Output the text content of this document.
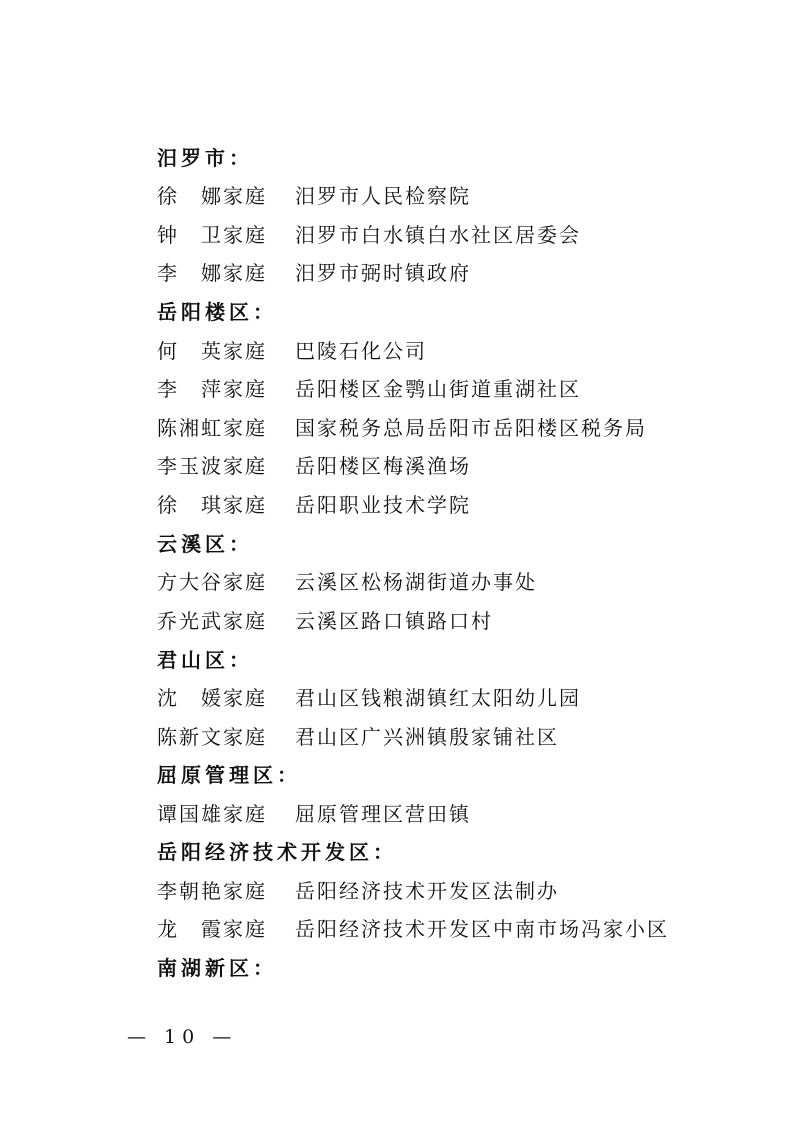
汨罗市：
徐　娜家庭 汨罗市人民检察院
钟　卫家庭 汨罗市白水镇白水社区居委会
李　娜家庭 汨罗市弼时镇政府
岳阳楼区：
何　英家庭 巴陵石化公司
李　萍家庭 岳阳楼区金鹗山街道重湖社区
陈湘虹家庭 国家税务总局岳阳市岳阳楼区税务局
李玉波家庭 岳阳楼区梅溪渔场
徐　琪家庭 岳阳职业技术学院
云溪区：
方大谷家庭 云溪区松杨湖街道办事处
乔光武家庭 云溪区路口镇路口村
君山区：
沈　媛家庭 君山区钱粮湖镇红太阳幼儿园
陈新文家庭 君山区广兴洲镇殷家铺社区
屈原管理区：
谭国雄家庭 屈原管理区营田镇
岳阳经济技术开发区：
李朝艳家庭 岳阳经济技术开发区法制办
龙　霞家庭 岳阳经济技术开发区中南市场冯家小区
南湖新区：
— 10 —
